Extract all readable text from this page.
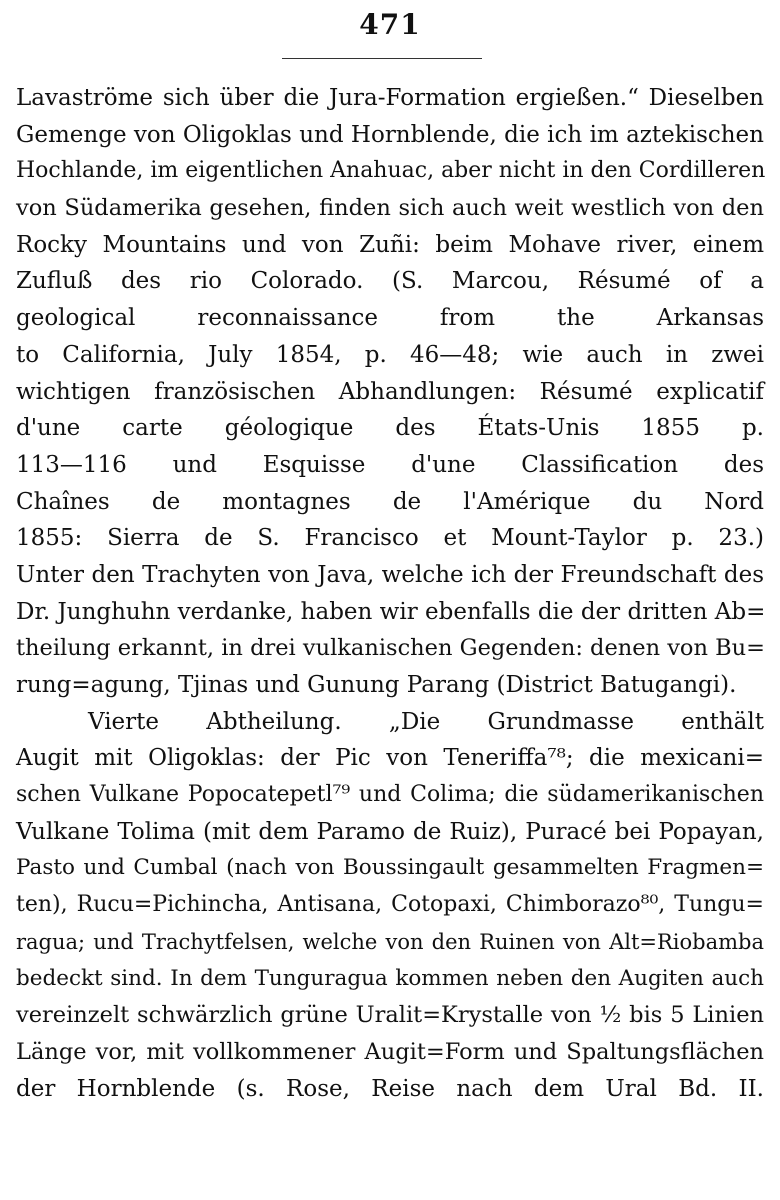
471
Lavaströme sich über die Jura-Formation ergießen.“ Dieselben
Gemenge von Oligoklas und Hornblende, die ich im aztekischen
Hochlande, im eigentlichen Anahuac, aber nicht in den Cordilleren
von Südamerika gesehen, finden sich auch weit westlich von den
Rocky Mountains und von Zuñi: beim Mohave river, einem
Zufluß des rio Colorado. (S. Marcou, Résumé of a
geological reconnaissance from the Arkansas
to California, July 1854, p. 46—48; wie auch in zwei
wichtigen französischen Abhandlungen: Résumé explicatif
d'une carte géologique des États-Unis 1855 p.
113—116 und Esquisse d'une Classification des
Chaînes de montagnes de l'Amérique du Nord
1855: Sierra de S. Francisco et Mount-Taylor p. 23.)
Unter den Trachyten von Java, welche ich der Freundschaft des
Dr. Junghuhn verdanke, haben wir ebenfalls die der dritten Ab=
theilung erkannt, in drei vulkanischen Gegenden: denen von Bu=
rung=agung, Tjinas und Gunung Parang (District Batugangi).
Vierte Abtheilung. „Die Grundmasse enthält
Augit mit Oligoklas: der Pic von Teneriffa⁷⁸; die mexicani=
schen Vulkane Popocatepetl⁷⁹ und Colima; die südamerikanischen
Vulkane Tolima (mit dem Paramo de Ruiz), Puracé bei Popayan,
Pasto und Cumbal (nach von Boussingault gesammelten Fragmen=
ten), Rucu=Pichincha, Antisana, Cotopaxi, Chimborazo⁸⁰, Tungu=
ragua; und Trachytfelsen, welche von den Ruinen von Alt=Riobamba
bedeckt sind. In dem Tunguragua kommen neben den Augiten auch
vereinzelt schwärzlich grüne Uralit=Krystalle von ½ bis 5 Linien
Länge vor, mit vollkommener Augit=Form und Spaltungsflächen
der Hornblende (s. Rose, Reise nach dem Ural Bd. II.
